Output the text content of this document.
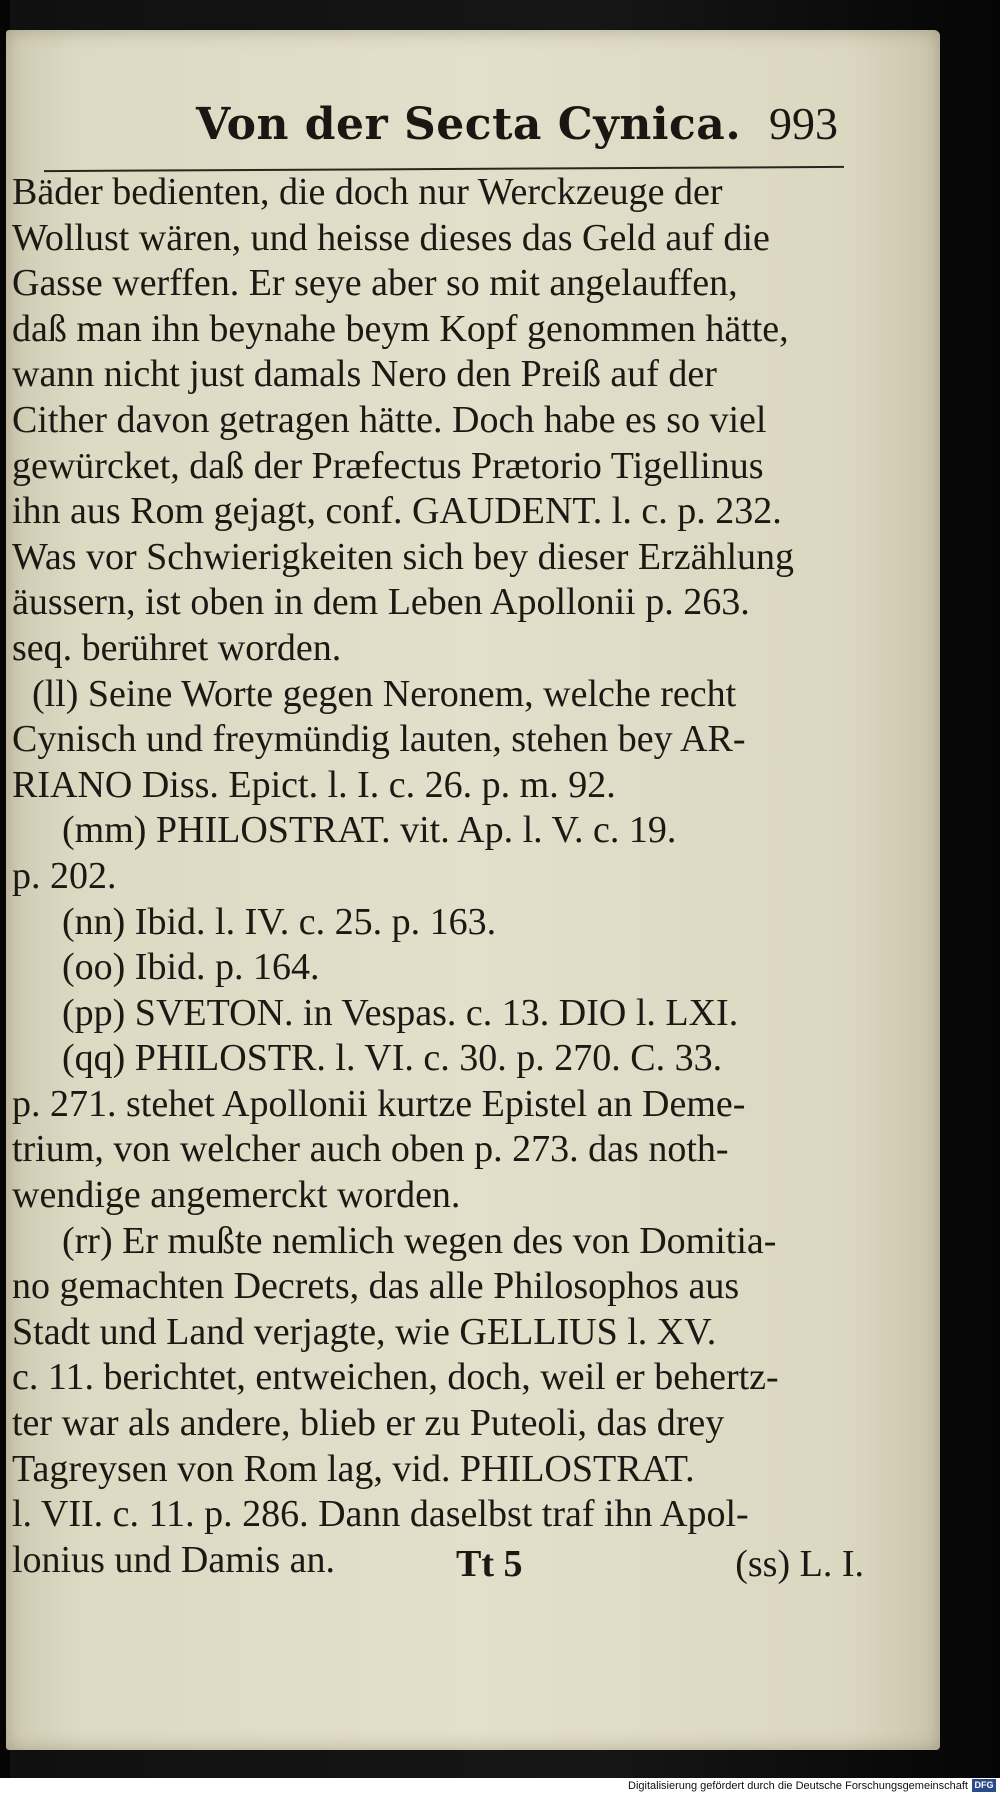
Von der Secta Cynica. 993
Bäder bedienten, die doch nur Werckzeuge der
Wollust wären, und heisse dieses das Geld auf die
Gasse werffen. Er seye aber so mit angelauffen,
daß man ihn beynahe beym Kopf genommen hätte,
wann nicht just damals Nero den Preiß auf der
Cither davon getragen hätte. Doch habe es so viel
gewürcket, daß der Præfectus Prætorio Tigellinus
ihn aus Rom gejagt, conf. GAUDENT. l. c. p. 232.
Was vor Schwierigkeiten sich bey dieser Erzählung
äussern, ist oben in dem Leben Apollonii p. 263.
seq. berühret worden.
(ll) Seine Worte gegen Neronem, welche recht
Cynisch und freymündig lauten, stehen bey AR-
RIANO Diss. Epict. l. I. c. 26. p. m. 92.
(mm) PHILOSTRAT. vit. Ap. l. V. c. 19.
p. 202.
(nn) Ibid. l. IV. c. 25. p. 163.
(oo) Ibid. p. 164.
(pp) SVETON. in Vespas. c. 13. DIO l. LXI.
(qq) PHILOSTR. l. VI. c. 30. p. 270. C. 33.
p. 271. stehet Apollonii kurtze Epistel an Deme-
trium, von welcher auch oben p. 273. das noth-
wendige angemerckt worden.
(rr) Er mußte nemlich wegen des von Domitia-
no gemachten Decrets, das alle Philosophos aus
Stadt und Land verjagte, wie GELLIUS l. XV.
c. 11. berichtet, entweichen, doch, weil er behertz-
ter war als andere, blieb er zu Puteoli, das drey
Tagreysen von Rom lag, vid. PHILOSTRAT.
l. VII. c. 11. p. 286. Dann daselbst traf ihn Apol-
lonius und Damis an.	Tt 5	(ss) L. I.
Digitalisierung gefördert durch die Deutsche Forschungsgemeinschaft DFG
